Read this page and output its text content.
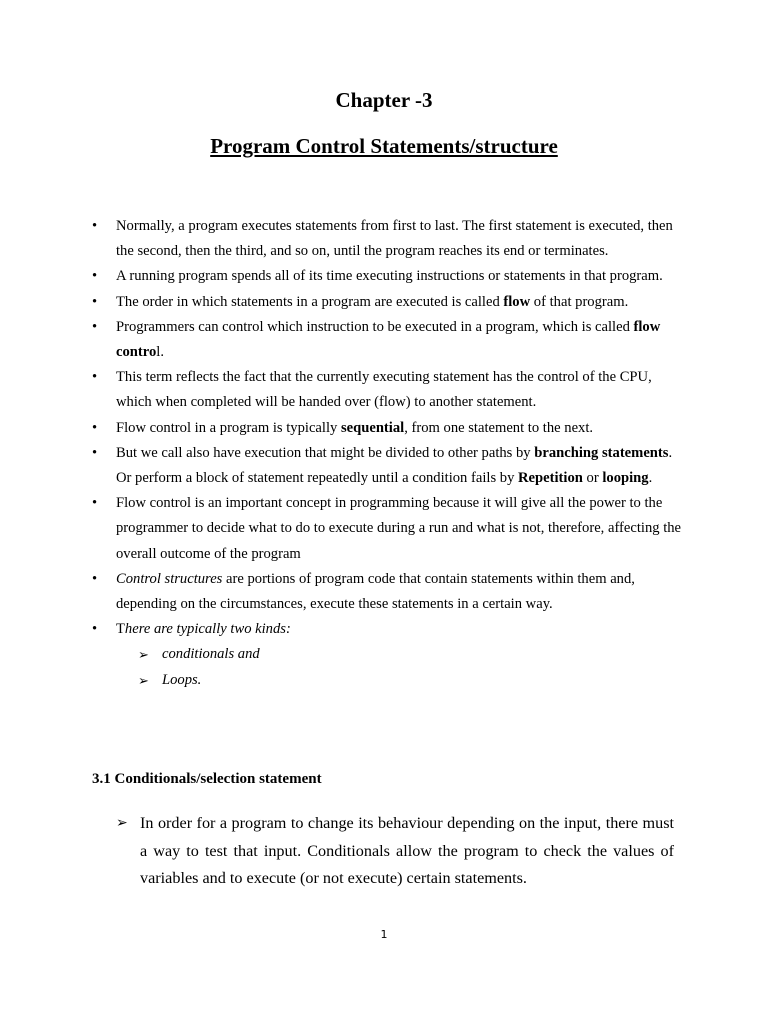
Chapter -3
Program Control Statements/structure
• Normally, a program executes statements from first to last. The first statement is executed, then the second, then the third, and so on, until the program reaches its end or terminates.
• A running program spends all of its time executing instructions or statements in that program.
• The order in which statements in a program are executed is called flow of that program.
• Programmers can control which instruction to be executed in a program, which is called flow control.
• This term reflects the fact that the currently executing statement has the control of the CPU, which when completed will be handed over (flow) to another statement.
• Flow control in a program is typically sequential, from one statement to the next.
• But we call also have execution that might be divided to other paths by branching statements. Or perform a block of statement repeatedly until a condition fails by Repetition or looping.
• Flow control is an important concept in programming because it will give all the power to the programmer to decide what to do to execute during a run and what is not, therefore, affecting the overall outcome of the program
• Control structures are portions of program code that contain statements within them and, depending on the circumstances, execute these statements in a certain way.
• There are typically two kinds:
➢ conditionals and
➢ Loops.
3.1 Conditionals/selection statement
➢ In order for a program to change its behaviour depending on the input, there must a way to test that input. Conditionals allow the program to check the values of variables and to execute (or not execute) certain statements.
1
